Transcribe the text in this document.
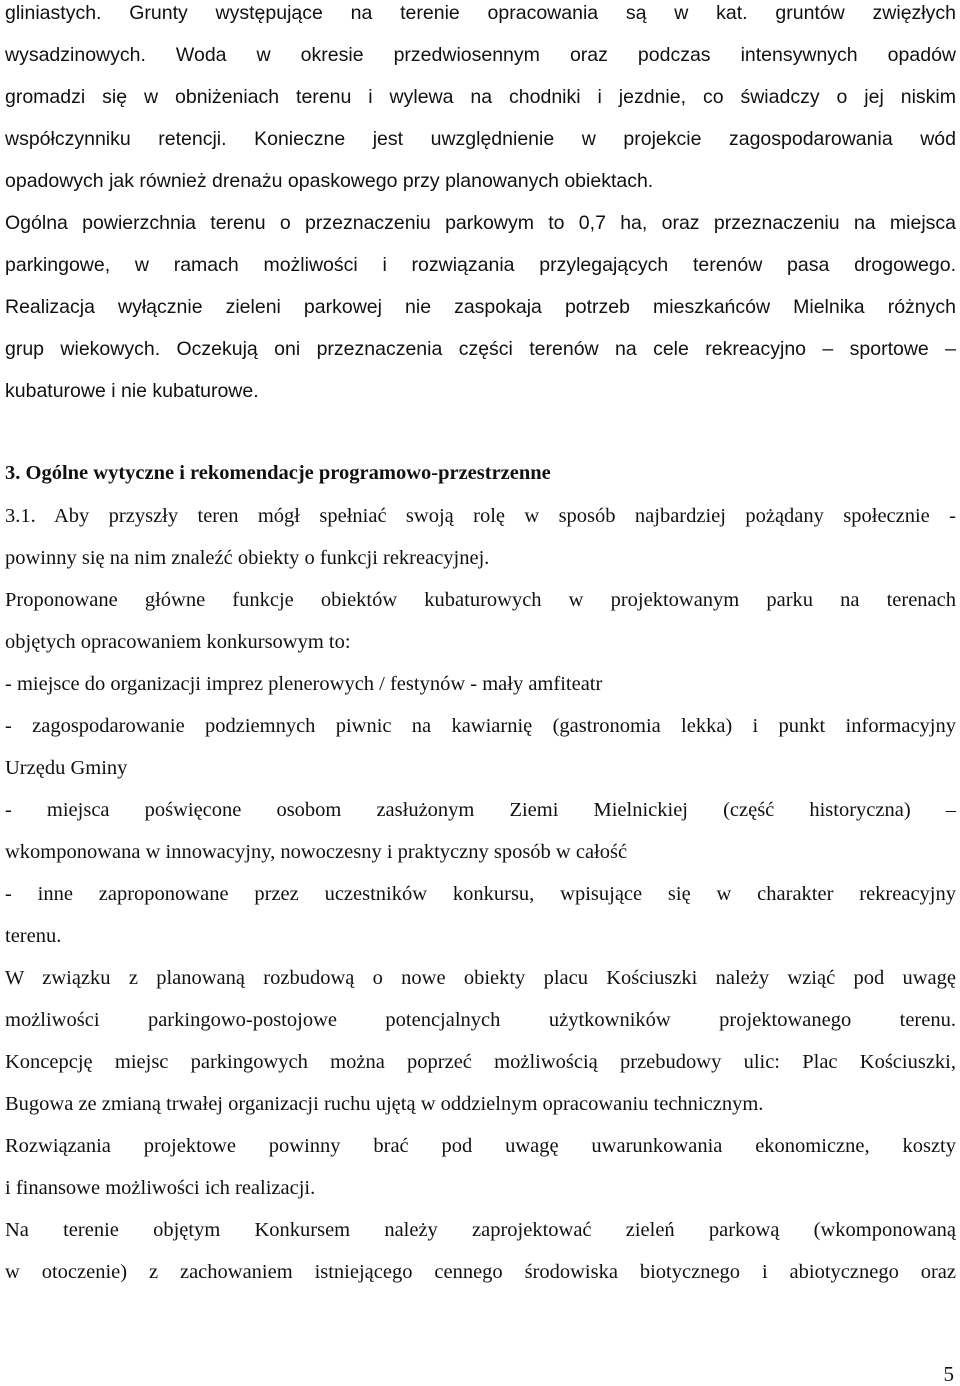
gliniastych. Grunty występujące na terenie opracowania są w kat. gruntów zwięzłych
wysadzinowych. Woda w okresie przedwiosennym oraz podczas intensywnych opadów
gromadzi się w obniżeniach terenu i wylewa na chodniki i jezdnie, co świadczy o jej niskim
współczynniku retencji. Konieczne jest uwzględnienie w projekcie zagospodarowania wód
opadowych jak również drenażu opaskowego przy planowanych obiektach.
Ogólna powierzchnia terenu o przeznaczeniu parkowym to 0,7 ha, oraz przeznaczeniu na miejsca
parkingowe, w ramach możliwości i rozwiązania przylegających terenów pasa drogowego.
Realizacja wyłącznie zieleni parkowej nie zaspokaja potrzeb mieszkańców Mielnika różnych
grup wiekowych. Oczekują oni przeznaczenia części terenów na cele rekreacyjno – sportowe –
kubaturowe i nie kubaturowe.
3. Ogólne wytyczne i rekomendacje programowo-przestrzenne
3.1. Aby przyszły teren mógł spełniać swoją rolę w sposób najbardziej pożądany społecznie -
powinny się na nim znaleźć obiekty o funkcji rekreacyjnej.
Proponowane główne funkcje obiektów kubaturowych w projektowanym parku na terenach
objętych opracowaniem konkursowym to:
- miejsce do organizacji imprez plenerowych / festynów - mały amfiteatr
- zagospodarowanie podziemnych piwnic na kawiarnię (gastronomia lekka) i punkt informacyjny
Urzędu Gminy
- miejsca poświęcone osobom zasłużonym Ziemi Mielnickiej (część historyczna) –
wkomponowana w innowacyjny, nowoczesny i praktyczny sposób w całość
- inne zaproponowane przez uczestników konkursu, wpisujące się w charakter rekreacyjny
terenu.
W związku z planowaną rozbudową o nowe obiekty placu Kościuszki należy wziąć pod uwagę
możliwości parkingowo-postojowe potencjalnych użytkowników projektowanego terenu.
Koncepcję miejsc parkingowych można poprzeć możliwością przebudowy ulic: Plac Kościuszki,
Bugowa ze zmianą trwałej organizacji ruchu ujętą w oddzielnym opracowaniu technicznym.
Rozwiązania projektowe powinny brać pod uwagę uwarunkowania ekonomiczne, koszty
i finansowe możliwości ich realizacji.
Na terenie objętym Konkursem należy zaprojektować zieleń parkową (wkomponowaną
w otoczenie) z zachowaniem istniejącego cennego środowiska biotycznego i abiotycznego oraz
5
